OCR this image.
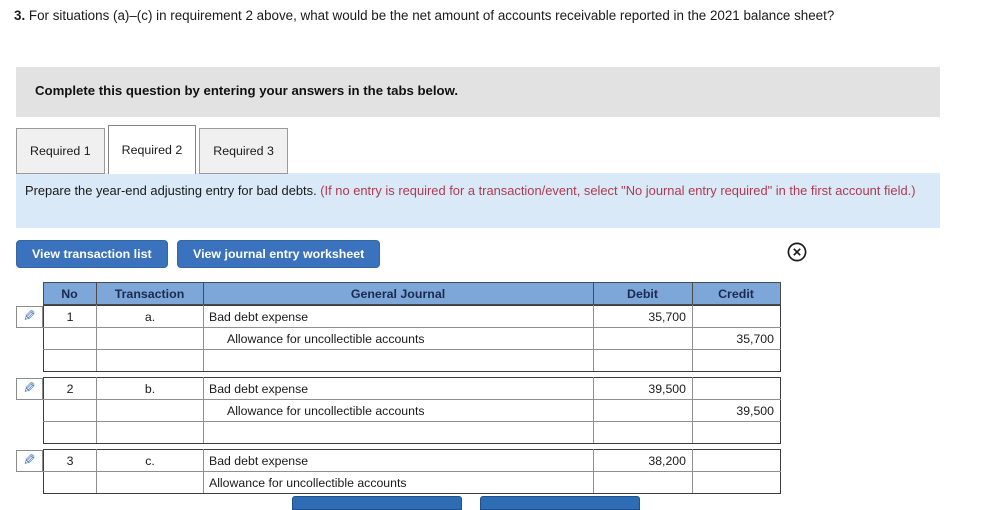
3. For situations (a)–(c) in requirement 2 above, what would be the net amount of accounts receivable reported in the 2021 balance sheet?
Complete this question by entering your answers in the tabs below.
Required 1	Required 2	Required 3
Prepare the year-end adjusting entry for bad debts. (If no entry is required for a transaction/event, select "No journal entry required" in the first account field.)
View transaction list	View journal entry worksheet
	No	Transaction	General Journal	Debit	Credit
✎	1	a.	Bad debt expense	35,700	
			Allowance for uncollectible accounts		35,700

✎	2	b.	Bad debt expense	39,500	
			Allowance for uncollectible accounts		39,500

✎	3	c.	Bad debt expense	38,200	
			Allowance for uncollectible accounts		
